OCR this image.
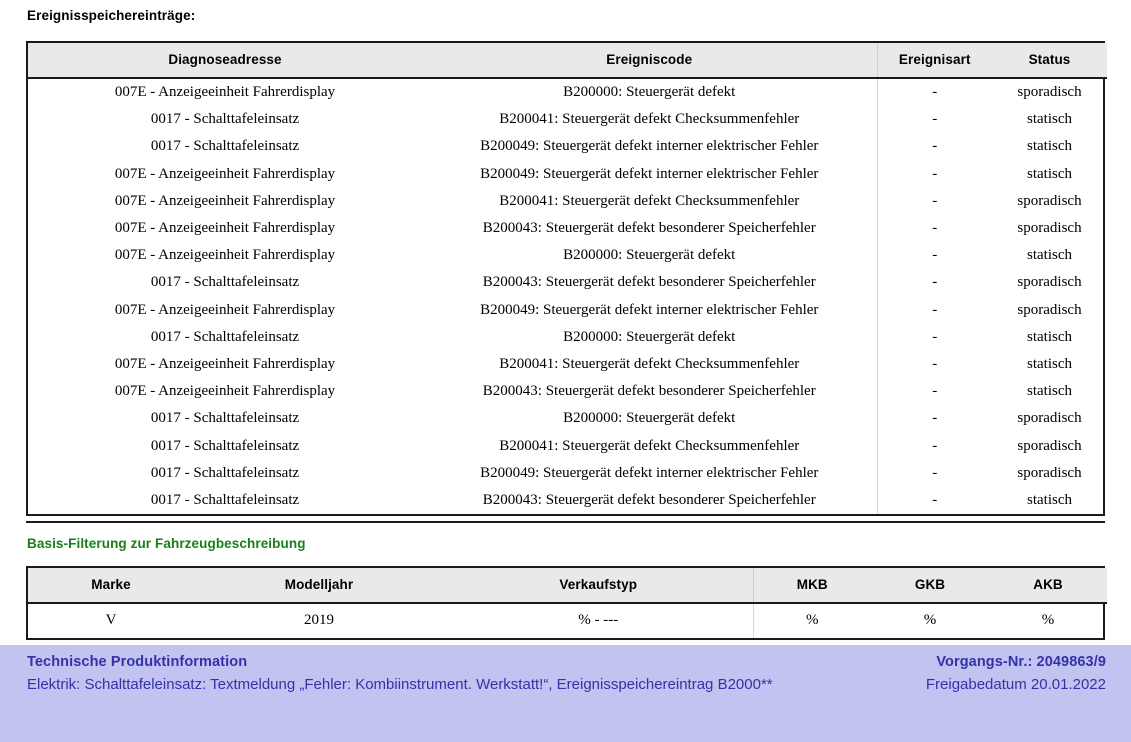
Ereignisspeichereinträge:
Diagnoseadresse	Ereigniscode	Ereignisart	Status
007E - Anzeigeeinheit Fahrerdisplay	B200000: Steuergerät defekt	-	sporadisch
0017 - Schalttafeleinsatz	B200041: Steuergerät defekt Checksummenfehler	-	statisch
0017 - Schalttafeleinsatz	B200049: Steuergerät defekt interner elektrischer Fehler	-	statisch
007E - Anzeigeeinheit Fahrerdisplay	B200049: Steuergerät defekt interner elektrischer Fehler	-	statisch
007E - Anzeigeeinheit Fahrerdisplay	B200041: Steuergerät defekt Checksummenfehler	-	sporadisch
007E - Anzeigeeinheit Fahrerdisplay	B200043: Steuergerät defekt besonderer Speicherfehler	-	sporadisch
007E - Anzeigeeinheit Fahrerdisplay	B200000: Steuergerät defekt	-	statisch
0017 - Schalttafeleinsatz	B200043: Steuergerät defekt besonderer Speicherfehler	-	sporadisch
007E - Anzeigeeinheit Fahrerdisplay	B200049: Steuergerät defekt interner elektrischer Fehler	-	sporadisch
0017 - Schalttafeleinsatz	B200000: Steuergerät defekt	-	statisch
007E - Anzeigeeinheit Fahrerdisplay	B200041: Steuergerät defekt Checksummenfehler	-	statisch
007E - Anzeigeeinheit Fahrerdisplay	B200043: Steuergerät defekt besonderer Speicherfehler	-	statisch
0017 - Schalttafeleinsatz	B200000: Steuergerät defekt	-	sporadisch
0017 - Schalttafeleinsatz	B200041: Steuergerät defekt Checksummenfehler	-	sporadisch
0017 - Schalttafeleinsatz	B200049: Steuergerät defekt interner elektrischer Fehler	-	sporadisch
0017 - Schalttafeleinsatz	B200043: Steuergerät defekt besonderer Speicherfehler	-	statisch
Basis-Filterung zur Fahrzeugbeschreibung
Marke	Modelljahr	Verkaufstyp	MKB	GKB	AKB
V	2019	% - ---	%	%	%
Technische Produktinformation
Elektrik: Schalttafeleinsatz: Textmeldung „Fehler: Kombiinstrument. Werkstatt!“, Ereignisspeichereintrag B2000**
Vorgangs-Nr.: 2049863/9
Freigabedatum 20.01.2022
